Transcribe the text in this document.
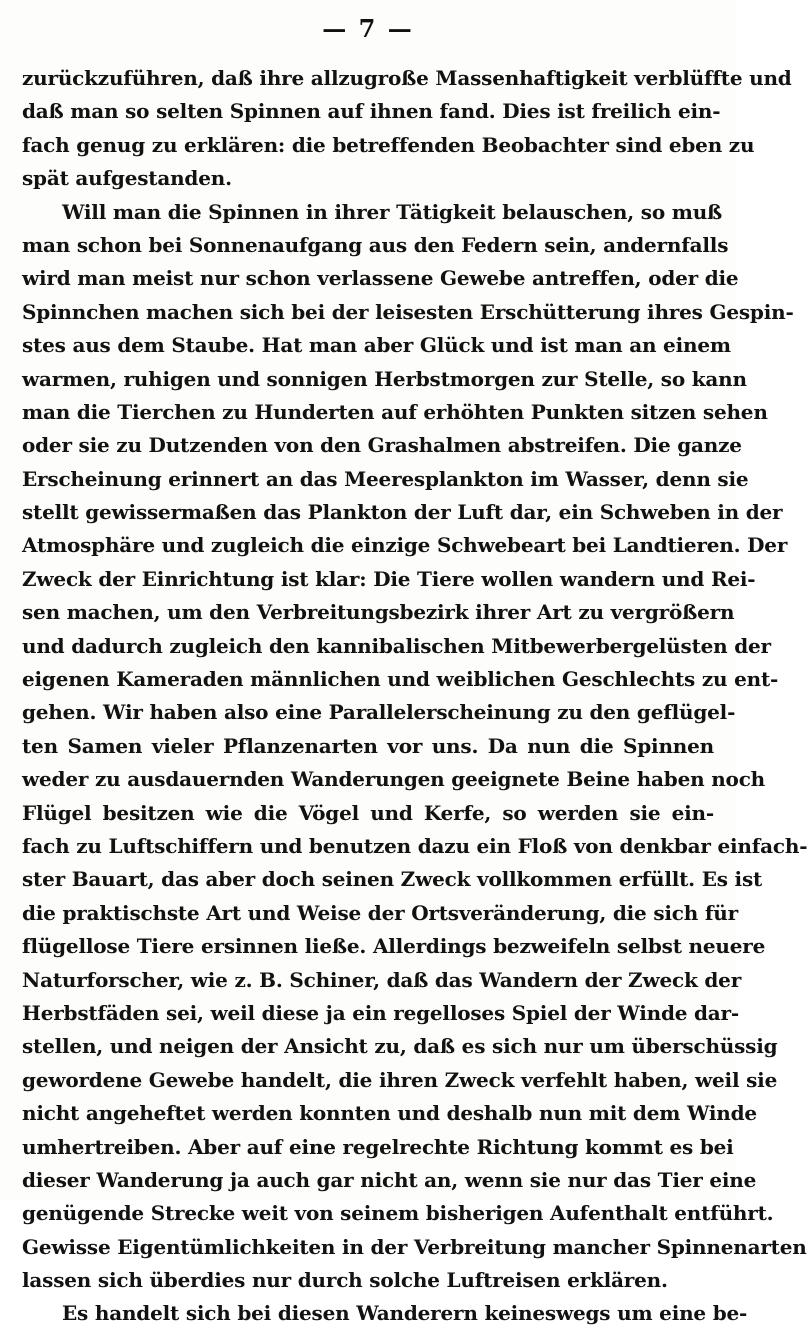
— 7 —
zurückzuführen, daß ihre allzugroße Massenhaftigkeit verblüffte und
daß man so selten Spinnen auf ihnen fand. Dies ist freilich ein-
fach genug zu erklären: die betreffenden Beobachter sind eben zu
spät aufgestanden.
Will man die Spinnen in ihrer Tätigkeit belauschen, so muß
man schon bei Sonnenaufgang aus den Federn sein, andernfalls
wird man meist nur schon verlassene Gewebe antreffen, oder die
Spinnchen machen sich bei der leisesten Erschütterung ihres Gespin-
stes aus dem Staube. Hat man aber Glück und ist man an einem
warmen, ruhigen und sonnigen Herbstmorgen zur Stelle, so kann
man die Tierchen zu Hunderten auf erhöhten Punkten sitzen sehen
oder sie zu Dutzenden von den Grashalmen abstreifen. Die ganze
Erscheinung erinnert an das Meeresplankton im Wasser, denn sie
stellt gewissermaßen das Plankton der Luft dar, ein Schweben in der
Atmosphäre und zugleich die einzige Schwebeart bei Landtieren. Der
Zweck der Einrichtung ist klar: Die Tiere wollen wandern und Rei-
sen machen, um den Verbreitungsbezirk ihrer Art zu vergrößern
und dadurch zugleich den kannibalischen Mitbewerbergelüsten der
eigenen Kameraden männlichen und weiblichen Geschlechts zu ent-
gehen. Wir haben also eine Parallelerscheinung zu den geflügel-
ten Samen vieler Pflanzenarten vor uns. Da nun die Spinnen
weder zu ausdauernden Wanderungen geeignete Beine haben noch
Flügel besitzen wie die Vögel und Kerfe, so werden sie ein-
fach zu Luftschiffern und benutzen dazu ein Floß von denkbar einfach-
ster Bauart, das aber doch seinen Zweck vollkommen erfüllt. Es ist
die praktischste Art und Weise der Ortsveränderung, die sich für
flügellose Tiere ersinnen ließe. Allerdings bezweifeln selbst neuere
Naturforscher, wie z. B. Schiner, daß das Wandern der Zweck der
Herbstfäden sei, weil diese ja ein regelloses Spiel der Winde dar-
stellen, und neigen der Ansicht zu, daß es sich nur um überschüssig
gewordene Gewebe handelt, die ihren Zweck verfehlt haben, weil sie
nicht angeheftet werden konnten und deshalb nun mit dem Winde
umhertreiben. Aber auf eine regelrechte Richtung kommt es bei
dieser Wanderung ja auch gar nicht an, wenn sie nur das Tier eine
genügende Strecke weit von seinem bisherigen Aufenthalt entführt.
Gewisse Eigentümlichkeiten in der Verbreitung mancher Spinnenarten
lassen sich überdies nur durch solche Luftreisen erklären.
Es handelt sich bei diesen Wanderern keineswegs um eine be-
